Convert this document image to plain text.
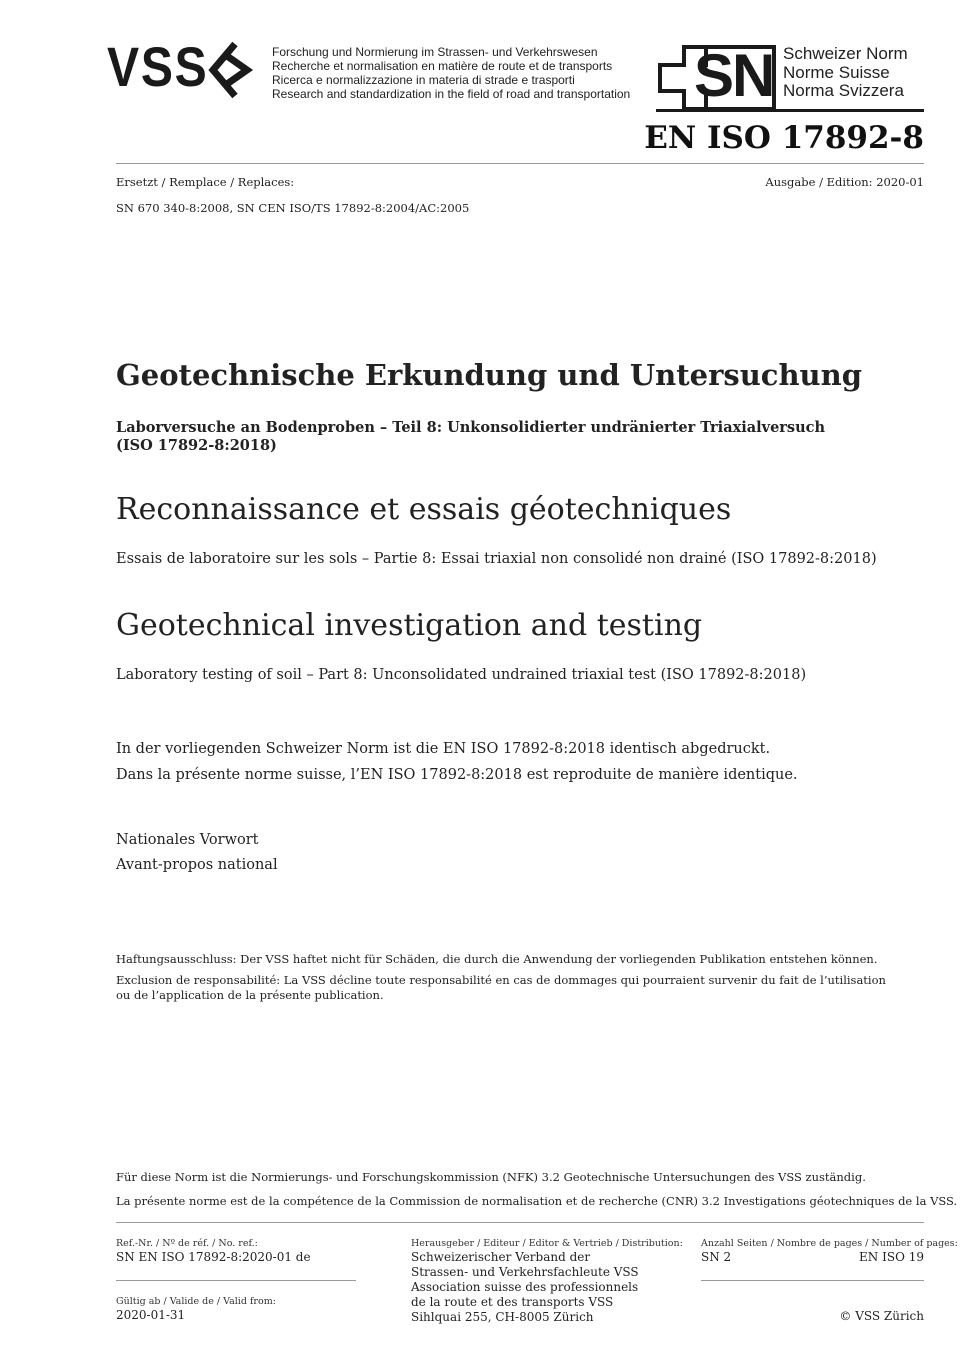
VSS	Forschung und Normierung im Strassen- und Verkehrswesen
Recherche et normalisation en matière de route et de transports
Ricerca e normalizzazione in materia di strade e trasporti
Research and standardization in the field of road and transportation SN Schweizer Norm
Norme Suisse
Norma Svizzera
EN ISO 17892-8
Ersetzt / Remplace / Replaces:	Ausgabe / Edition: 2020-01
SN 670 340-8:2008, SN CEN ISO/TS 17892-8:2004/AC:2005
Geotechnische Erkundung und Untersuchung
Laborversuche an Bodenproben – Teil 8: Unkonsolidierter undränierter Triaxialversuch
(ISO 17892-8:2018)
Reconnaissance et essais géotechniques
Essais de laboratoire sur les sols – Partie 8: Essai triaxial non consolidé non drainé (ISO 17892-8:2018)
Geotechnical investigation and testing
Laboratory testing of soil – Part 8: Unconsolidated undrained triaxial test (ISO 17892-8:2018)
In der vorliegenden Schweizer Norm ist die EN ISO 17892-8:2018 identisch abgedruckt.
Dans la présente norme suisse, l’EN ISO 17892-8:2018 est reproduite de manière identique.
Nationales Vorwort
Avant-propos national
Haftungsausschluss: Der VSS haftet nicht für Schäden, die durch die Anwendung der vorliegenden Publikation entstehen können.
Exclusion de responsabilité: La VSS décline toute responsabilité en cas de dommages qui pourraient survenir du fait de l’utilisation
ou de l’application de la présente publication.
Für diese Norm ist die Normierungs- und Forschungskommission (NFK) 3.2 Geotechnische Untersuchungen des VSS zuständig.
La présente norme est de la compétence de la Commission de normalisation et de recherche (CNR) 3.2 Investigations géotechniques de la VSS.
Ref.-Nr. / Nº de réf. / No. ref.:
SN EN ISO 17892-8:2020-01 de
Gültig ab / Valide de / Valid from:
2020-01-31
Herausgeber / Editeur / Editor & Vertrieb / Distribution:
Schweizerischer Verband der
Strassen- und Verkehrsfachleute VSS
Association suisse des professionnels
de la route et des transports VSS
Sihlquai 255, CH-8005 Zürich
Anzahl Seiten / Nombre de pages / Number of pages:
SN 2	EN ISO 19
© VSS Zürich
